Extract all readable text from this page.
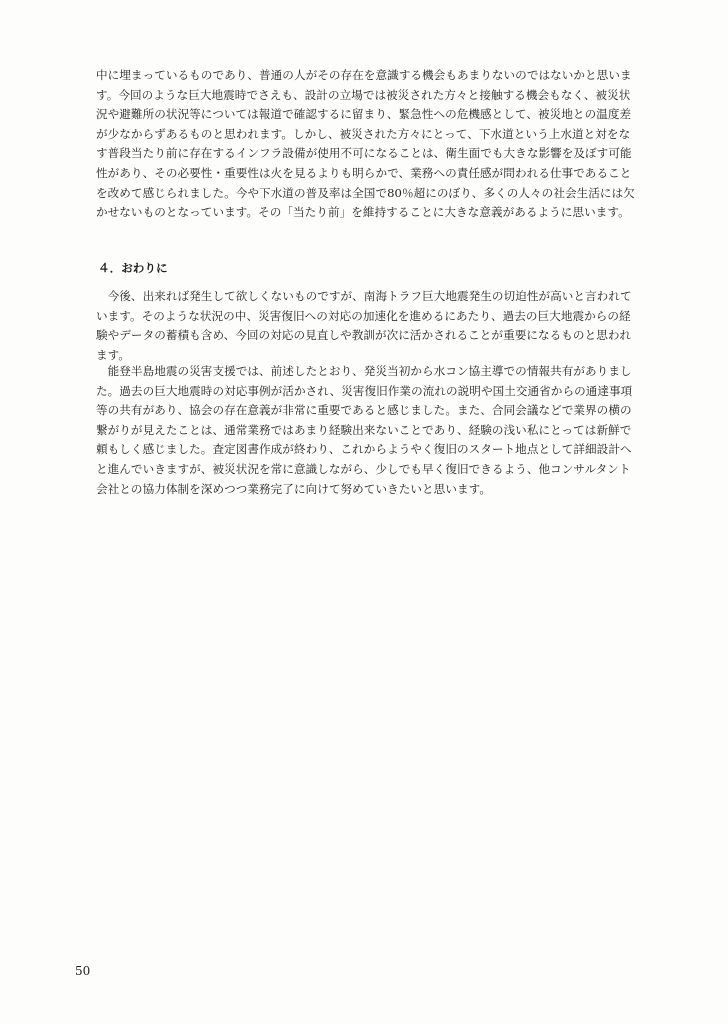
中に埋まっているものであり、普通の人がその存在を意識する機会もあまりないのではないかと思いま
す。今回のような巨大地震時でさえも、設計の立場では被災された方々と接触する機会もなく、被災状
況や避難所の状況等については報道で確認するに留まり、緊急性への危機感として、被災地との温度差
が少なからずあるものと思われます。しかし、被災された方々にとって、下水道という上水道と対をな
す普段当たり前に存在するインフラ設備が使用不可になることは、衛生面でも大きな影響を及ぼす可能
性があり、その必要性・重要性は火を見るよりも明らかで、業務への責任感が問われる仕事であること
を改めて感じられました。今や下水道の普及率は全国で80％超にのぼり、多くの人々の社会生活には欠
かせないものとなっています。その「当たり前」を維持することに大きな意義があるように思います。
４．おわりに
　今後、出来れば発生して欲しくないものですが、南海トラフ巨大地震発生の切迫性が高いと言われて
います。そのような状況の中、災害復旧への対応の加速化を進めるにあたり、過去の巨大地震からの経
験やデータの蓄積も含め、今回の対応の見直しや教訓が次に活かされることが重要になるものと思われ
ます。
　能登半島地震の災害支援では、前述したとおり、発災当初から水コン協主導での情報共有がありまし
た。過去の巨大地震時の対応事例が活かされ、災害復旧作業の流れの説明や国土交通省からの通達事項
等の共有があり、協会の存在意義が非常に重要であると感じました。また、合同会議などで業界の横の
繋がりが見えたことは、通常業務ではあまり経験出来ないことであり、経験の浅い私にとっては新鮮で
頼もしく感じました。査定図書作成が終わり、これからようやく復旧のスタート地点として詳細設計へ
と進んでいきますが、被災状況を常に意識しながら、少しでも早く復旧できるよう、他コンサルタント
会社との協力体制を深めつつ業務完了に向けて努めていきたいと思います。
50
